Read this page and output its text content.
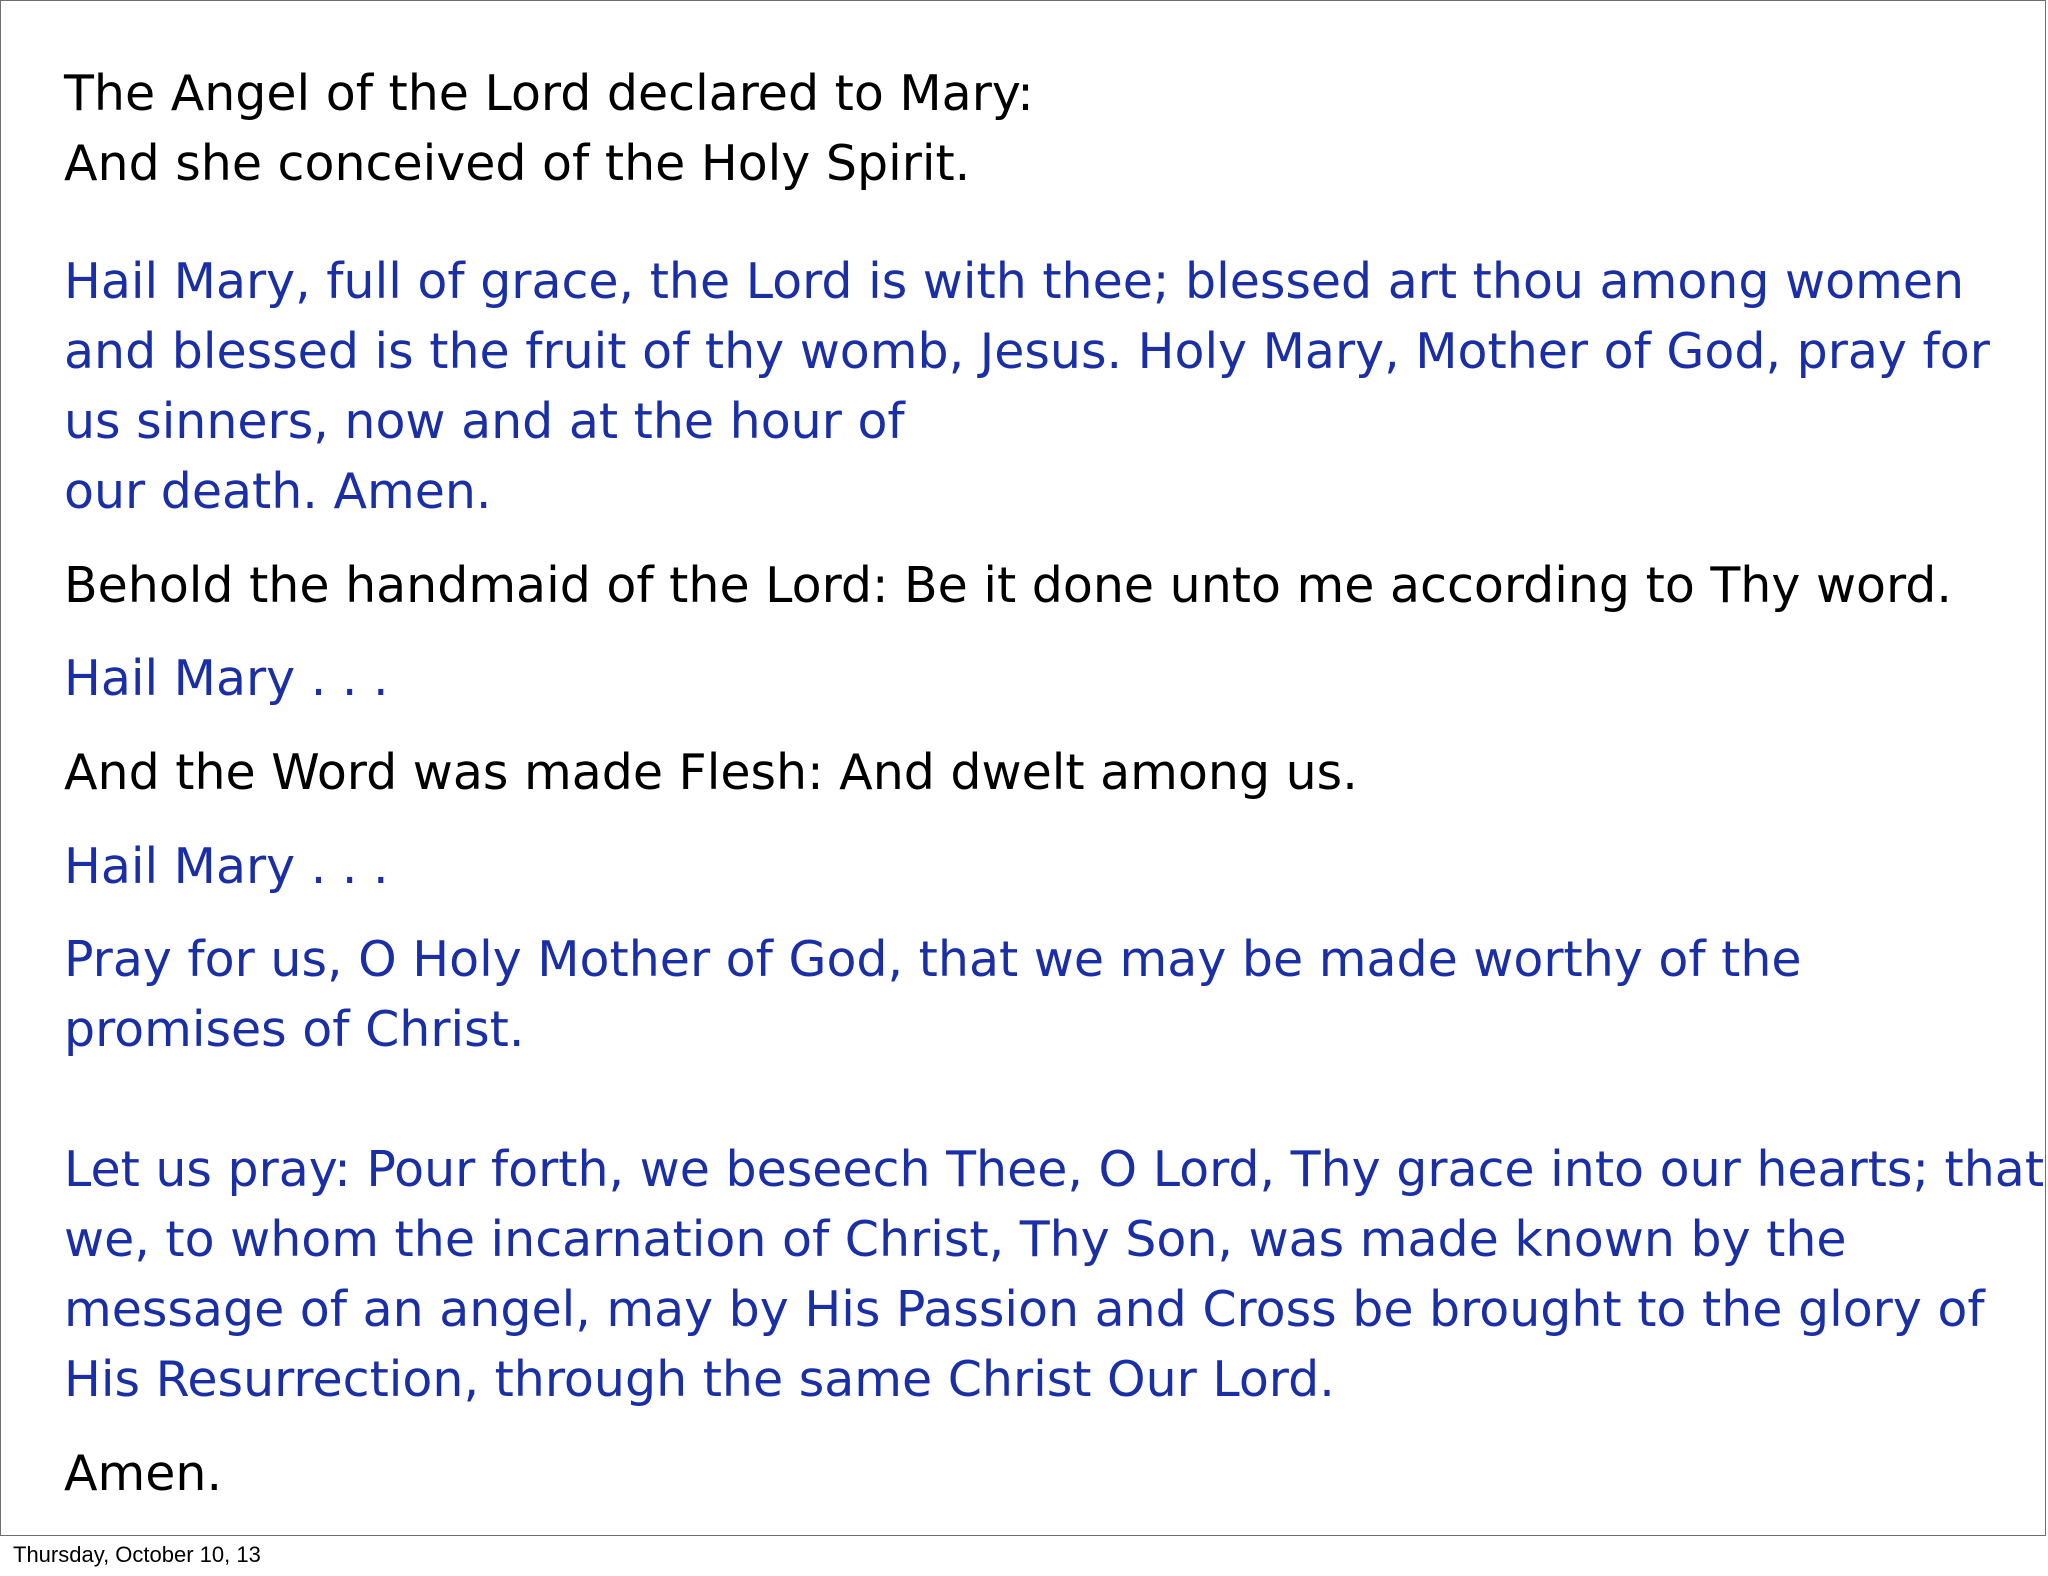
The Angel of the Lord declared to Mary:
And she conceived of the Holy Spirit.
Hail Mary, full of grace, the Lord is with thee; blessed art thou among women
and blessed is the fruit of thy womb, Jesus. Holy Mary, Mother of God, pray for
us sinners, now and at the hour of
our death. Amen.
Behold the handmaid of the Lord: Be it done unto me according to Thy word.
Hail Mary . . .
And the Word was made Flesh: And dwelt among us.
Hail Mary . . .
Pray for us, O Holy Mother of God, that we may be made worthy of the
promises of Christ.
Let us pray: Pour forth, we beseech Thee, O Lord, Thy grace into our hearts; that
we, to whom the incarnation of Christ, Thy Son, was made known by the
message of an angel, may by His Passion and Cross be brought to the glory of
His Resurrection, through the same Christ Our Lord.
Amen.
Thursday, October 10, 13
